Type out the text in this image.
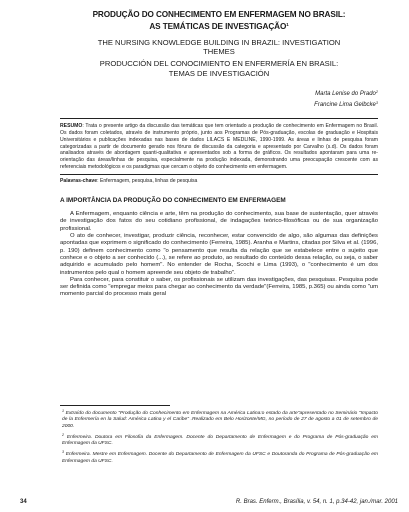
PRODUÇÃO DO CONHECIMENTO EM ENFERMAGEM NO BRASIL:
AS TEMÁTICAS DE INVESTIGAÇÃO$^1$
THE NURSING KNOWLEDGE BUILDING IN BRAZIL: INVESTIGATION
THEMES
PRODUCCIÓN DEL CONOCIMIENTO EN ENFERMERÍA EN BRASIL:
TEMAS DE INVESTIGACIÓN
Marta Lenise do Prado$^2$
Francine Lima Gelbcke$^3$
RESUMO: Trata o presente artigo da discussão das temáticas que tem orientado a produção de conhecimento em Enfermagem no Brasil. Os dados foram coletados, através de instrumento próprio, junto aos Programas de Pós-graduação, escolas de graduação e Hospitais Universitários e publicações indexadas nas bases de dados LILACS E MEDLINE, 1990-1999. As áreas e linhas de pesquisa foram categorizadas a partir de documento gerado nos fóruns de discussão da categoria e apresentado por Carvalho (s.d). Os dados foram analisados através de abordagem quanti-qualitativa e apresentados sob a forma de gráficos. Os resultados apontaram para uma re-orientação das áreas/linhas de pesquisa, especialmente na produção indexada, demonstrando uma preocupação crescente com as referenciais metodológicos e os paradigmas que cercam o objeto do conhecimento em enfermagem.
Palavras-chave: Enfermagem, pesquisa, linhas de pesquisa
A IMPORTÂNCIA DA PRODUÇÃO DO CONHECIMENTO EM ENFERMAGEM

A Enfermagem, enquanto ciência e arte, têm na produção do conhecimento, sua base de sustentação, quer através de investigação dos fatos do seu cotidiano profissional, de indagações teórico-filosóficas ou de sua organização profissional.

O ato de conhecer, investigar, produzir ciência, reconhecer, estar convencido de algo, são algumas das definições apontadas que exprimem o significado do conhecimento (Ferreira, 1985). Aranha e Martins, citadas por Silva et al. (1996, p. 190) definem conhecimento como "o pensamento que resulta da relação que se estabelece entre o sujeito que conhece e o objeto a ser conhecido (...), se refere ao produto, ao resultado do conteúdo dessa relação, ou seja, o saber adquirido e acumulado pelo homem". No entender de Rocha, Scochi e Lima (1993), o "conhecimento é um dos instrumentos pelo qual o homem apreende seu objeto de trabalho".

Para conhecer, para constituir o saber, os profissionais se utilizam das investigações, das pesquisas. Pesquisa pode ser definida como "empregar meios para chegar ao conhecimento da verdade"(Ferreira, 1985, p.365) ou ainda como "um momento parcial do processo mais geral

$^1$ Extraído do documento "Produção do Conhecimento em Enfermagem na América Latina:o estado da arte"apresentado no Seminário "Impacto de la Enfermería en la Salud: América Latina y el Caribe" .Realizado em Belo Horizonte/MG, no período de 27 de agosto a 01 de setembro de 2000.
$^2$ Enfermeira. Doutora em Filosofia da Enfermagem. Docente do Departamento de Enfermagem e do Programa de Pós-graduação em Enfermagem da UFSC.
$^3$ Enfermeira. Mestre em Enfermagem. Docente do Departamento de Enfermagem da UFSC e Doutoranda do Programa de Pós-graduação em Enfermagem da UFSC.
34	R. Bras. Enferm., Brasília, v. 54, n. 1, p.34-42, jan./mar. 2001
